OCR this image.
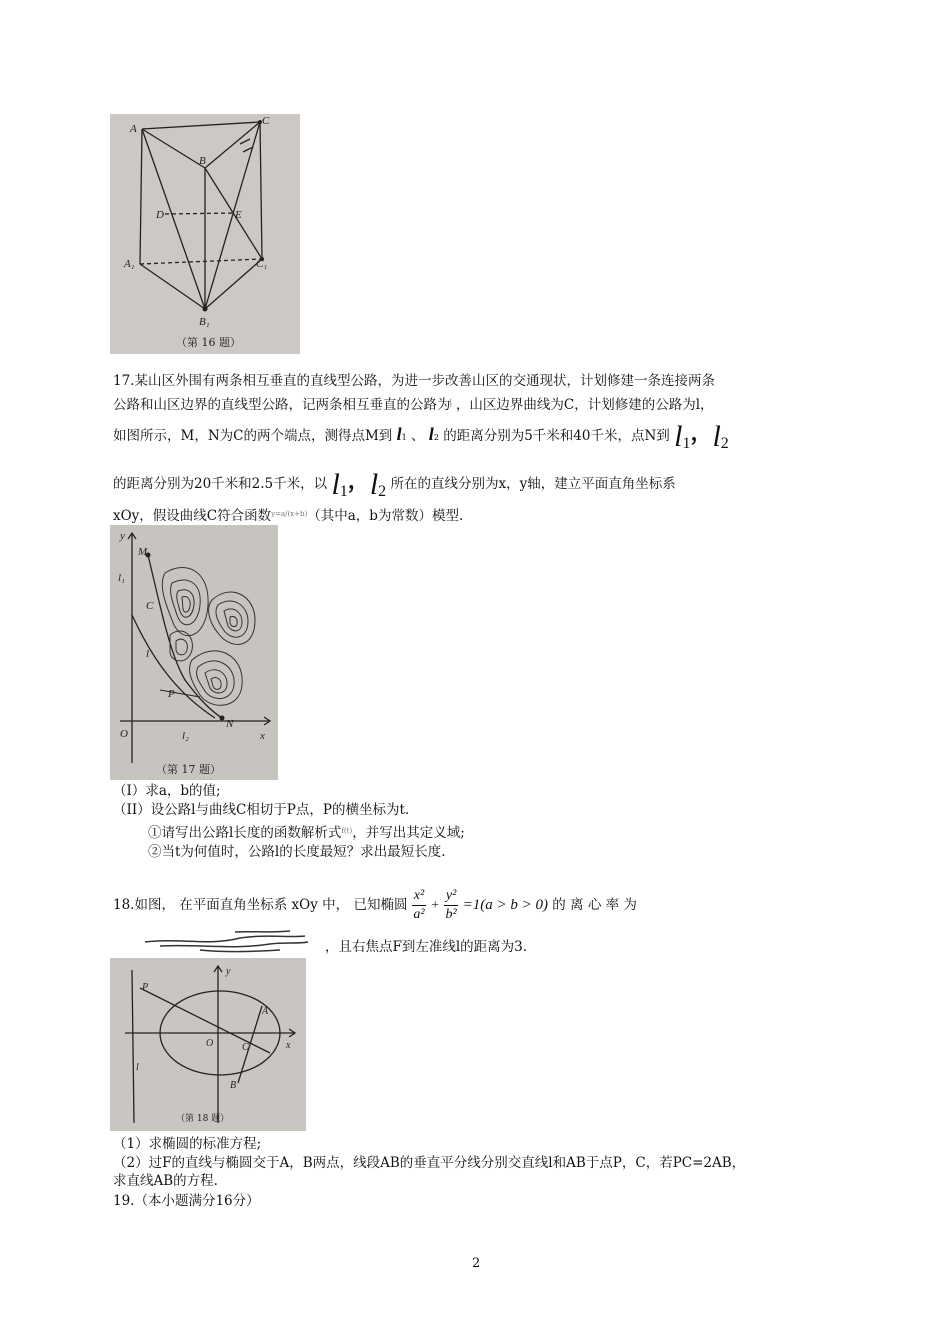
A
C
B
D	E
A₁	C₁
B₁
（第 16 题）
17.某山区外围有两条相互垂直的直线型公路，为进一步改善山区的交通现状，计划修建一条连接两条
公路和山区边界的直线型公路，记两条相互垂直的公路为▏，山区边界曲线为C，计划修建的公路为l，
如图所示，M，N为C的两个端点，测得点M到 l1 、 l2 的距离分别为5千米和40千米，点N到 l1，l2
的距离分别为20千米和2.5千米，以 l1，l2 所在的直线分别为x，y轴，建立平面直角坐标系
xOy，假设曲线C符合函数$^{y=a/(x+b)}$（其中a，b为常数）模型.
y
M
l₁
C
l
P
O	l₂
N
x
（第 17 题）
（I）求a，b的值;
（II）设公路l与曲线C相切于P点，P的横坐标为t.
①请写出公路l长度的函数解析式$^{f(t)}$，并写出其定义域;
②当t为何值时，公路l的长度最短？求出最短长度.
18.如图， 在平面直角坐标系 xOy 中， 已知椭圆 $\frac{\text{x²}}{\text{a²}} + \frac{\text{y²}}{\text{b²}} =1(a > b > 0)$ 的 离 心 率 为
，且右焦点F到左准线l的距离为3.
y
P
A
O	C	x
l
B
（第 18 题）
（1）求椭圆的标准方程;
（2）过F的直线与椭圆交于A，B两点，线段AB的垂直平分线分别交直线l和AB于点P，C，若PC=2AB，
求直线AB的方程.
19.（本小题满分16分）
2
